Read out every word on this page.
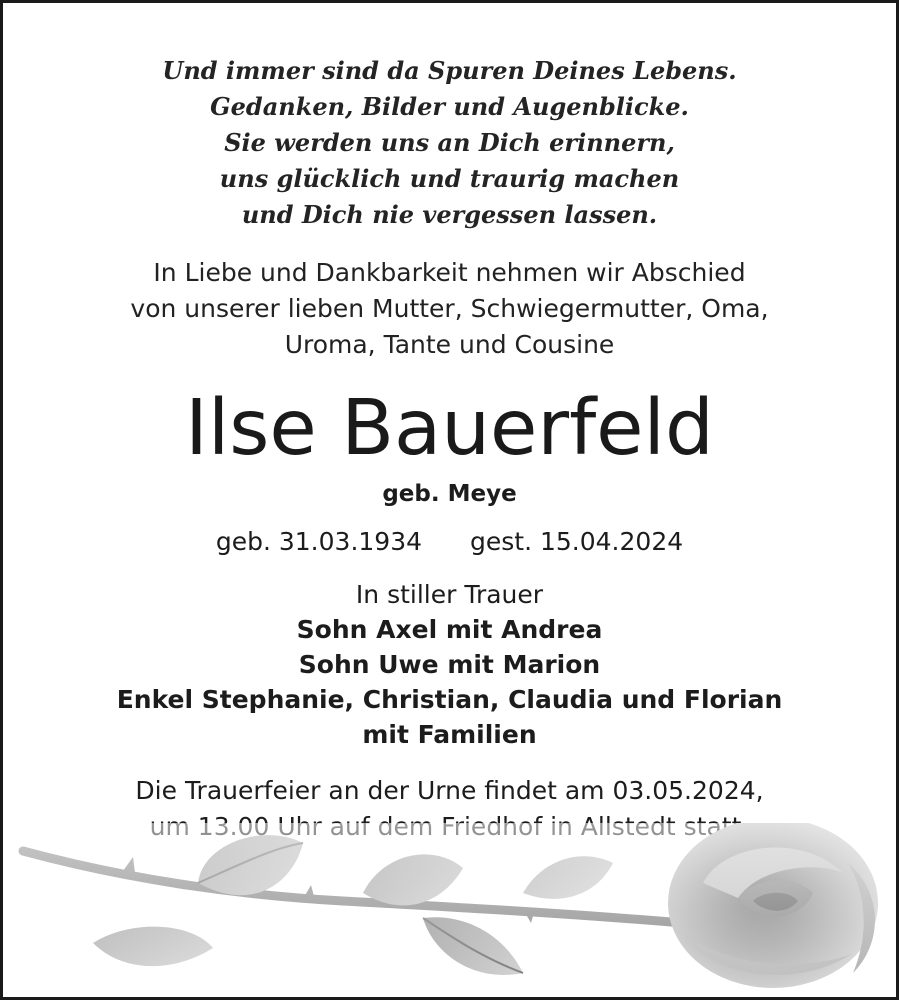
Und immer sind da Spuren Deines Lebens.
Gedanken, Bilder und Augenblicke.
Sie werden uns an Dich erinnern,
uns glücklich und traurig machen
und Dich nie vergessen lassen.
In Liebe und Dankbarkeit nehmen wir Abschied
von unserer lieben Mutter, Schwiegermutter, Oma,
Uroma, Tante und Cousine
Ilse Bauerfeld
geb. Meye
geb. 31.03.1934 gest. 15.04.2024
In stiller Trauer
Sohn Axel mit Andrea
Sohn Uwe mit Marion
Enkel Stephanie, Christian, Claudia und Florian
mit Familien
Die Trauerfeier an der Urne findet am 03.05.2024,
